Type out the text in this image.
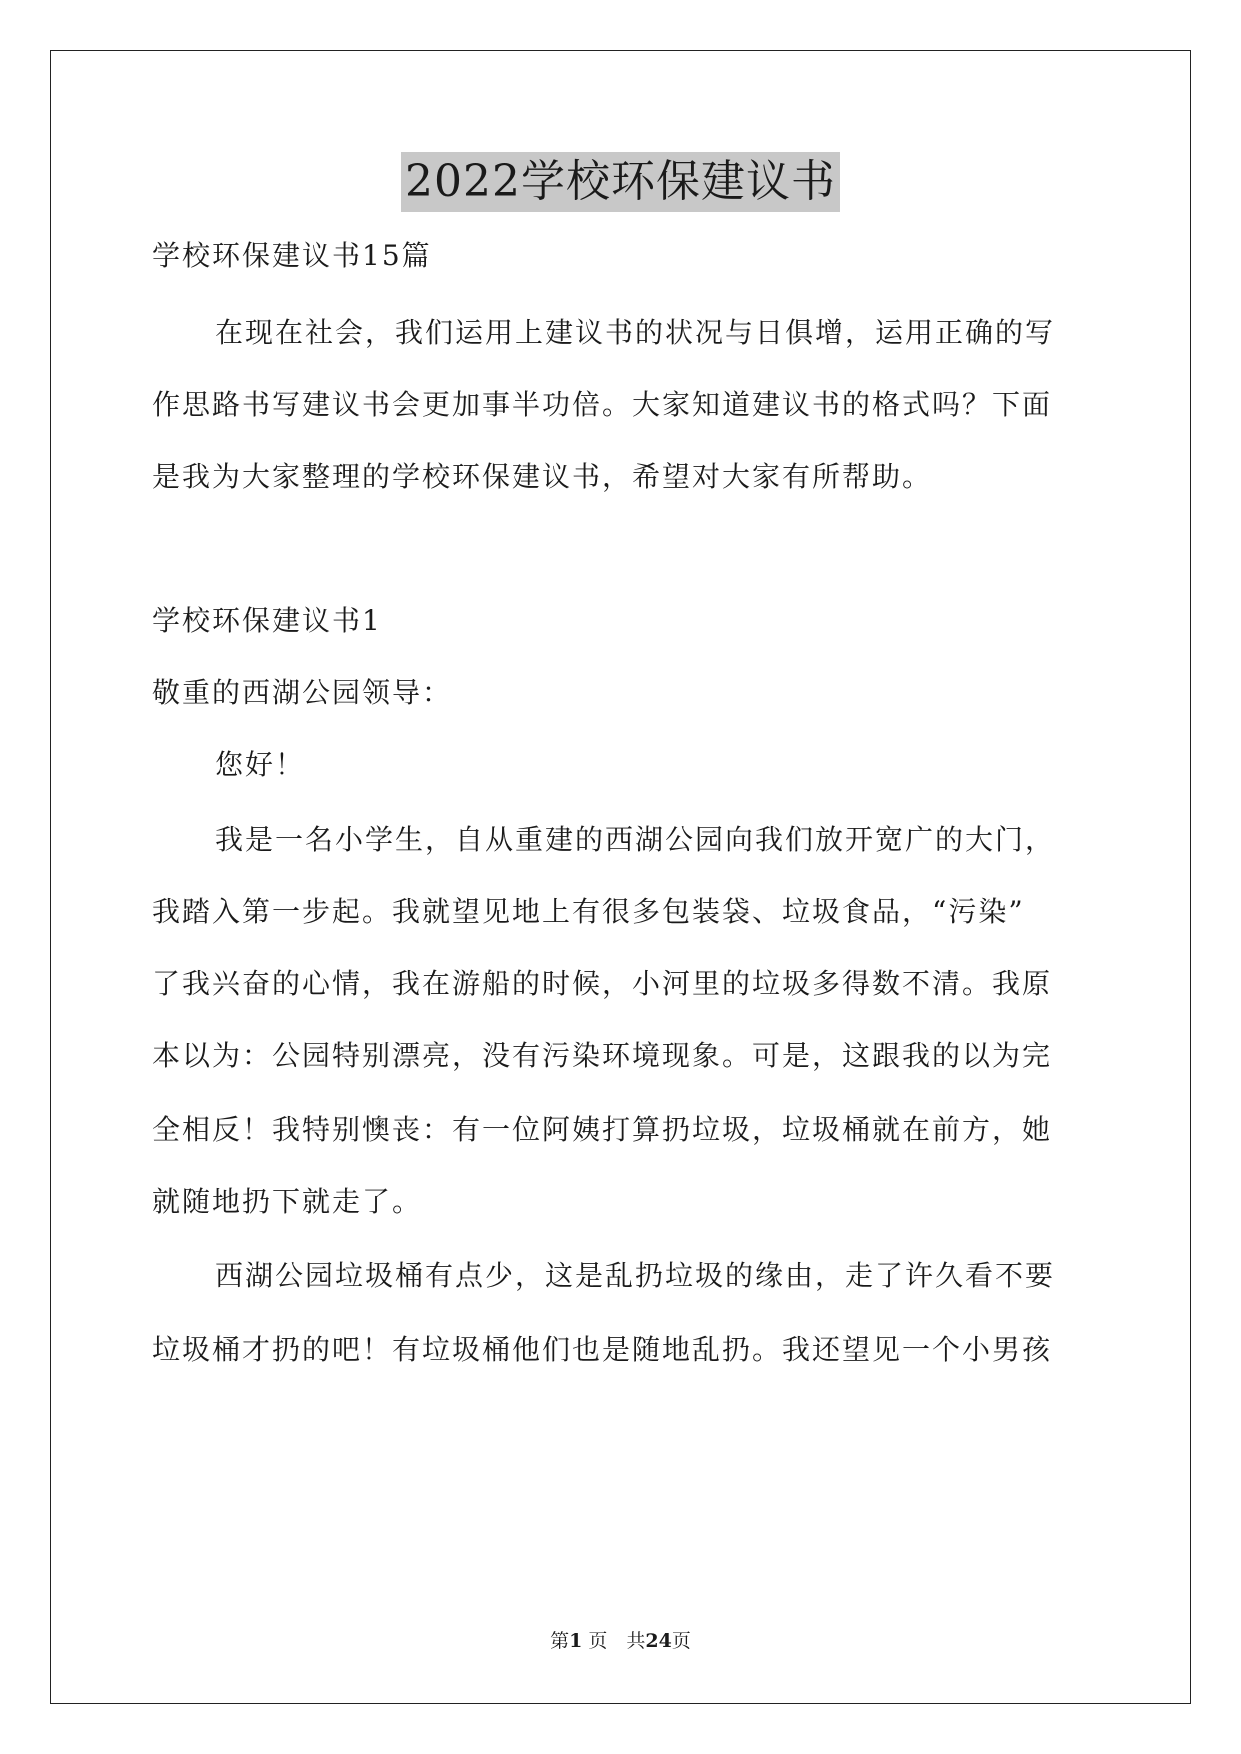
2022学校环保建议书
学校环保建议书15篇
在现在社会，我们运用上建议书的状况与日俱增，运用正确的写
作思路书写建议书会更加事半功倍。大家知道建议书的格式吗？下面
是我为大家整理的学校环保建议书，希望对大家有所帮助。
学校环保建议书1
敬重的西湖公园领导：
您好！
我是一名小学生，自从重建的西湖公园向我们放开宽广的大门，
我踏入第一步起。我就望见地上有很多包装袋、垃圾食品，“污染”
了我兴奋的心情，我在游船的时候，小河里的垃圾多得数不清。我原
本以为：公园特别漂亮，没有污染环境现象。可是，这跟我的以为完
全相反！我特别懊丧：有一位阿姨打算扔垃圾，垃圾桶就在前方，她
就随地扔下就走了。
西湖公园垃圾桶有点少，这是乱扔垃圾的缘由，走了许久看不要
垃圾桶才扔的吧！有垃圾桶他们也是随地乱扔。我还望见一个小男孩
第1 页　共24页
